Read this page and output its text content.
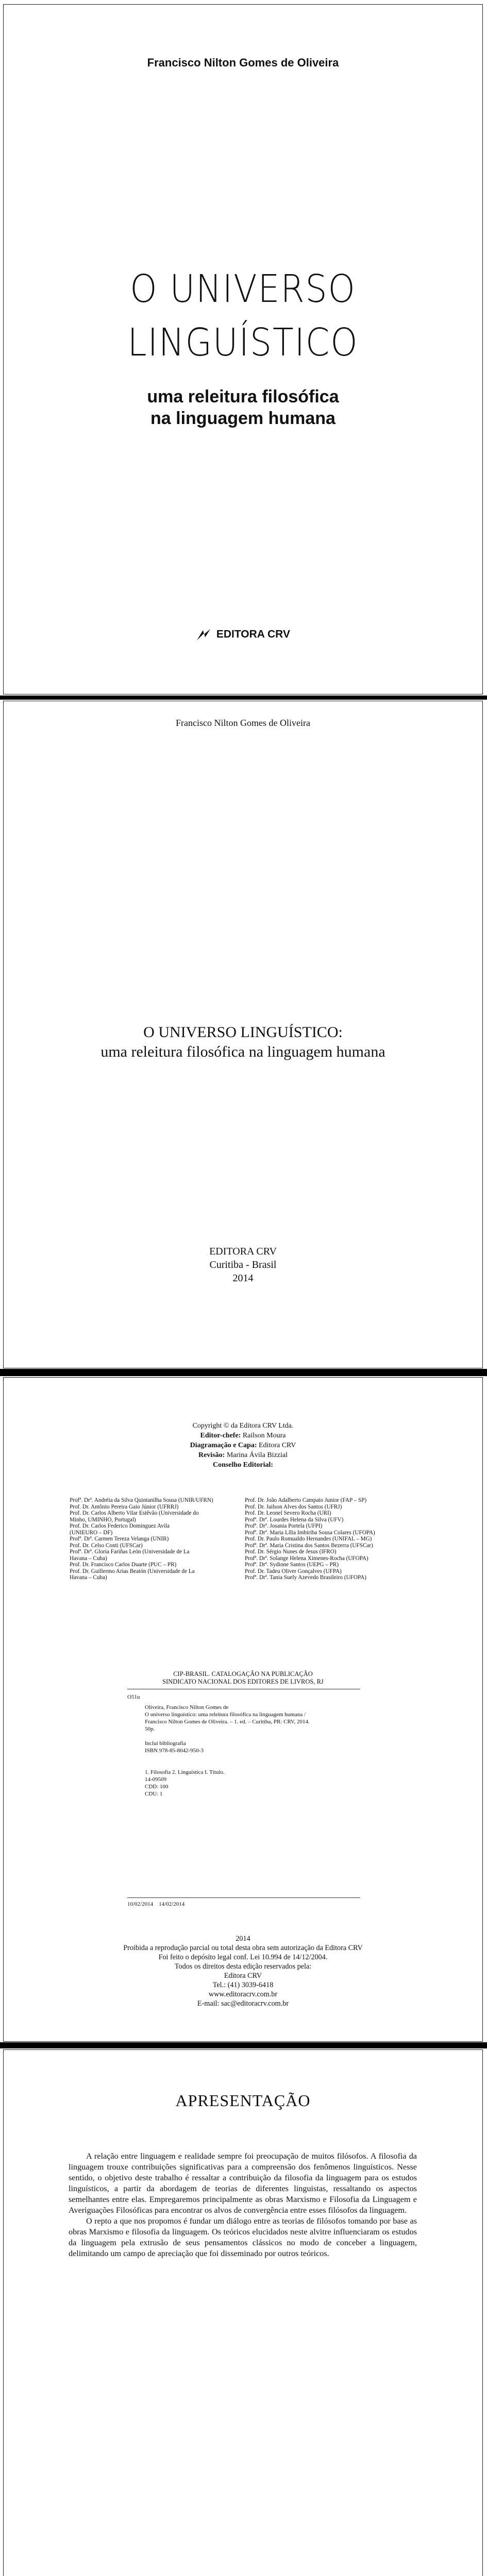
Francisco Nilton Gomes de Oliveira
O UNIVERSO
LINGUÍSTICO
uma releitura filosófica
na linguagem humana
EDITORA CRV
Francisco Nilton Gomes de Oliveira
O UNIVERSO LINGUÍSTICO:
uma releitura filosófica na linguagem humana
EDITORA CRV
Curitiba - Brasil
2014
Copyright © da Editora CRV Ltda.
Editor-chefe: Railson Moura
Diagramação e Capa: Editora CRV
Revisão: Marina Ávila Bizzial
Conselho Editorial:
Profª. Drª. Andréia da Silva Quintanilha Sousa (UNIR/UFRN)
Prof. Dr. Antônio Pereira Gaio Júnior (UFRRJ)
Prof. Dr. Carlos Alberto Vilar Estêvão (Universidade do
Minho, UMINHO, Portugal)
Prof. Dr. Carlos Federico Dominguez Avila
(UNIEURO – DF)
Profª. Drª. Carmen Tereza Velanga (UNIR)
Prof. Dr. Celso Conti (UFSCar)
Profª. Drª. Gloria Fariñas León (Universidade de La
Havana – Cuba)
Prof. Dr. Francisco Carlos Duarte (PUC – PR)
Prof. Dr. Guillermo Arias Beatón (Universidade de La
Havana – Cuba)
Prof. Dr. João Adalberto Campato Junior (FAP – SP)
Prof. Dr. Jailson Alves dos Santos (UFRJ)
Prof. Dr. Leonel Severo Rocha (URI)
Profª. Drª. Lourdes Helena da Silva (UFV)
Profª. Drª. Josania Portela (UFPI)
Profª. Drª. Maria Lília Imbiriba Sousa Colares (UFOPA)
Prof. Dr. Paulo Romualdo Hernandes (UNIFAL – MG)
Profª. Drª. Maria Cristina dos Santos Bezerra (UFSCar)
Prof. Dr. Sérgio Nunes de Jesus (IFRO)
Profª. Drª. Solange Helena Ximenes-Rocha (UFOPA)
Profª. Drª. Sydione Santos (UEPG – PR)
Prof. Dr. Tadeu Oliver Gonçalves (UFPA)
Profª. Drª. Tania Suely Azevedo Brasileiro (UFOPA)
CIP-BRASIL. CATALOGAÇÃO NA PUBLICAÇÃO
SINDICATO NACIONAL DOS EDITORES DE LIVROS, RJ
O51u

Oliveira, Francisco Nilton Gomes de

O universo linguístico: uma releitura filosófica na linguagem humana /

Francisco Nilton Gomes de Oliveira. – 1. ed. – Curitiba, PR: CRV, 2014.

50p.

Inclui bibliografia

ISBN 978-85-8042-950-3

1. Filosofia 2. Linguística I. Título.

14-09509

CDD: 100

CDU: 1

10/02/2014    14/02/2014
2014
Proibida a reprodução parcial ou total desta obra sem autorização da Editora CRV
Foi feito o depósito legal conf. Lei 10.994 de 14/12/2004.
Todos os direitos desta edição reservados pela:
Editora CRV
Tel.: (41) 3039-6418
www.editoracrv.com.br
E-mail: sac@editoracrv.com.br
APRESENTAÇÃO

A relação entre linguagem e realidade sempre foi preocupação de muitos filósofos. A filosofia da linguagem trouxe contribuições significativas para a compreensão dos fenômenos linguísticos. Nesse sentido, o objetivo deste trabalho é ressaltar a contribuição da filosofia da linguagem para os estudos linguísticos, a partir da abordagem de teorias de diferentes linguistas, ressaltando os aspectos semelhantes entre elas. Empregaremos principalmente as obras Marxismo e Filosofia da Linguagem e Averiguações Filosóficas para encontrar os alvos de convergência entre esses filósofos da linguagem.

O repto a que nos propomos é fundar um diálogo entre as teorias de filósofos tomando por base as obras Marxismo e filosofia da linguagem. Os teóricos elucidados neste alvitre influenciaram os estudos da linguagem pela extrusão de seus pensamentos clássicos no modo de conceber a linguagem, delimitando um campo de apreciação que foi disseminado por outros teóricos.
